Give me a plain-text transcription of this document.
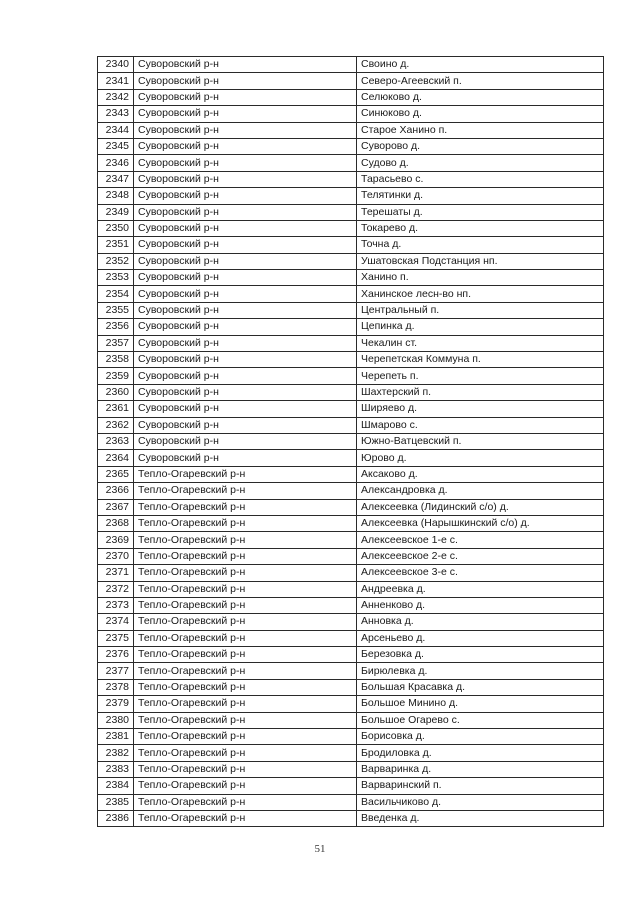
2340	Суворовский р-н	Своино д.
2341	Суворовский р-н	Северо-Агеевский п.
2342	Суворовский р-н	Селюково д.
2343	Суворовский р-н	Синюково д.
2344	Суворовский р-н	Старое Ханино п.
2345	Суворовский р-н	Суворово д.
2346	Суворовский р-н	Судово д.
2347	Суворовский р-н	Тарасьево с.
2348	Суворовский р-н	Телятинки д.
2349	Суворовский р-н	Терешаты д.
2350	Суворовский р-н	Токарево д.
2351	Суворовский р-н	Точна д.
2352	Суворовский р-н	Ушатовская Подстанция нп.
2353	Суворовский р-н	Ханино п.
2354	Суворовский р-н	Ханинское лесн-во нп.
2355	Суворовский р-н	Центральный п.
2356	Суворовский р-н	Цепинка д.
2357	Суворовский р-н	Чекалин ст.
2358	Суворовский р-н	Черепетская Коммуна п.
2359	Суворовский р-н	Черепеть п.
2360	Суворовский р-н	Шахтерский п.
2361	Суворовский р-н	Ширяево д.
2362	Суворовский р-н	Шмарово с.
2363	Суворовский р-н	Южно-Ватцевский п.
2364	Суворовский р-н	Юрово д.
2365	Тепло-Огаревский р-н	Аксаково д.
2366	Тепло-Огаревский р-н	Александровка д.
2367	Тепло-Огаревский р-н	Алексеевка (Лидинский с/о) д.
2368	Тепло-Огаревский р-н	Алексеевка (Нарышкинский с/о) д.
2369	Тепло-Огаревский р-н	Алексеевское 1-е с.
2370	Тепло-Огаревский р-н	Алексеевское 2-е с.
2371	Тепло-Огаревский р-н	Алексеевское 3-е с.
2372	Тепло-Огаревский р-н	Андреевка д.
2373	Тепло-Огаревский р-н	Анненково д.
2374	Тепло-Огаревский р-н	Анновка д.
2375	Тепло-Огаревский р-н	Арсеньево д.
2376	Тепло-Огаревский р-н	Березовка д.
2377	Тепло-Огаревский р-н	Бирюлевка д.
2378	Тепло-Огаревский р-н	Большая Красавка д.
2379	Тепло-Огаревский р-н	Большое Минино д.
2380	Тепло-Огаревский р-н	Большое Огарево с.
2381	Тепло-Огаревский р-н	Борисовка д.
2382	Тепло-Огаревский р-н	Бродиловка д.
2383	Тепло-Огаревский р-н	Варваринка д.
2384	Тепло-Огаревский р-н	Варваринский п.
2385	Тепло-Огаревский р-н	Васильчиково д.
2386	Тепло-Огаревский р-н	Введенка д.
51
